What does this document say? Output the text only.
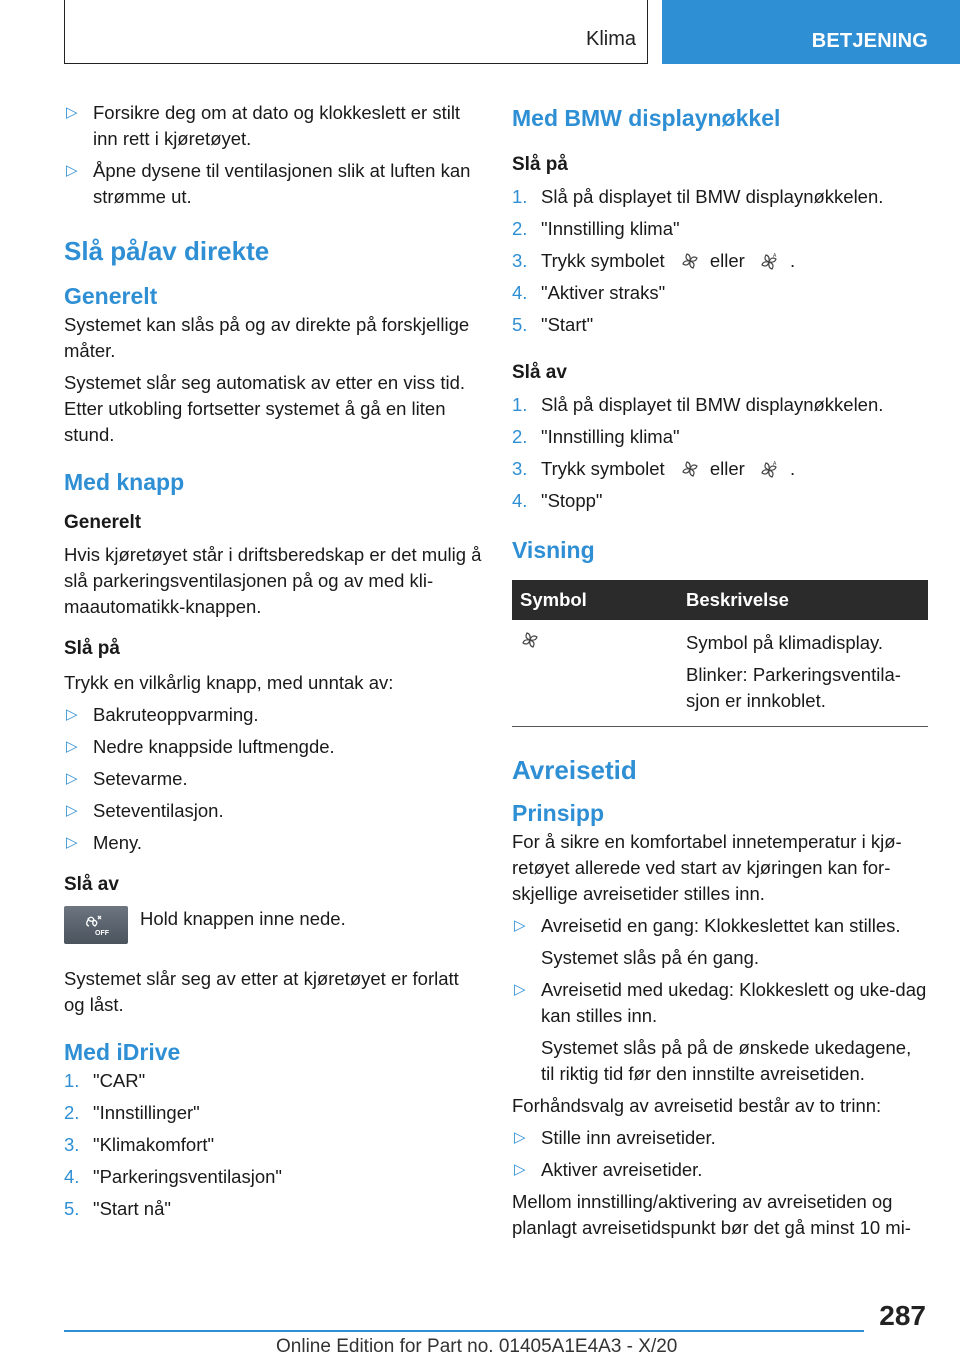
Klima	BETJENING
▷ Forsikre deg om at dato og klokkeslett er stilt inn rett i kjøretøyet.
▷ Åpne dysene til ventilasjonen slik at luften kan strømme ut.
Slå på/av direkte
Generelt

Systemet kan slås på og av direkte på forskjellige måter.

Systemet slår seg automatisk av etter en viss tid. Etter utkobling fortsetter systemet å gå en liten stund.

Med knapp
Generelt

Hvis kjøretøyet står i driftsberedskap er det mulig å slå parkeringsventilasjonen på og av med kli-maautomatikk-knappen.

Slå på

Trykk en vilkårlig knapp, med unntak av:

▷ Bakruteoppvarming.
▷ Nedre knappside luftmengde.
▷ Setevarme.
▷ Seteventilasjon.
▷ Meny.
Slå av
OFF
Hold knappen inne nede.

Systemet slår seg av etter at kjøretøyet er forlatt og låst.

Med iDrive
1. "CAR"
2. "Innstillinger"
3. "Klimakomfort"
4. "Parkeringsventilasjon"
5. "Start nå"
Med BMW displaynøkkel
Slå på
1. Slå på displayet til BMW displaynøkkelen.
2. "Innstilling klima"
3. Trykk symbolet eller	A .
4. "Aktiver straks"
5. "Start"
Slå av
1. Slå på displayet til BMW displaynøkkelen.
2. "Innstilling klima"
3. Trykk symbolet eller	A .
4. "Stopp"
Visning
Symbol	Beskrivelse

Symbol på klimadisplay.

Blinker: Parkeringsventila-sjon er innkoblet.

Avreisetid
Prinsipp

For å sikre en komfortabel innetemperatur i kjø-retøyet allerede ved start av kjøringen kan for-skjellige avreisetider stilles inn.

▷ Avreisetid en gang: Klokkeslettet kan stilles.
Systemet slås på én gang.
▷ Avreisetid med ukedag: Klokkeslett og uke-dag kan stilles inn.
Systemet slås på på de ønskede ukedagene, til riktig tid før den innstilte avreisetiden.

Forhåndsvalg av avreisetid består av to trinn:

▷ Stille inn avreisetider.
▷ Aktiver avreisetider.

Mellom innstilling/aktivering av avreisetiden og planlagt avreisetidspunkt bør det gå minst 10 mi-

287
Online Edition for Part no. 01405A1E4A3 - X/20
